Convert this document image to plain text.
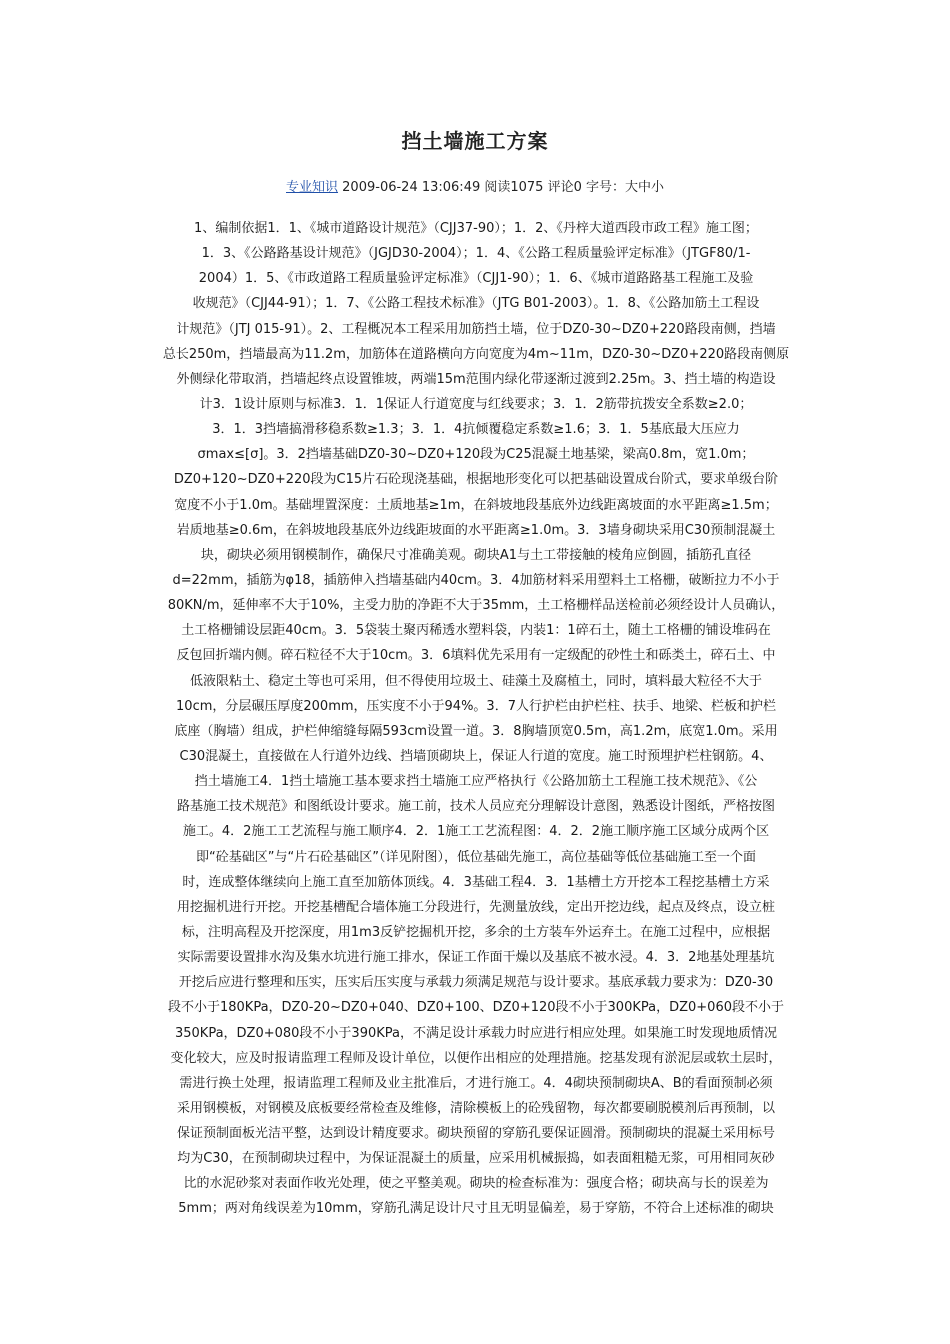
挡土墙施工方案
专业知识 2009-06-24 13:06:49 阅读1075 评论0 字号：大中小
1、编制依据1．1、《城市道路设计规范》（CJJ37-90）；1．2、《丹梓大道西段市政工程》施工图；
1．3、《公路路基设计规范》（JGJD30-2004）；1．4、《公路工程质量验评定标准》（JTGF80/1-
2004）1．5、《市政道路工程质量验评定标准》（CJJ1-90）；1．6、《城市道路路基工程施工及验
收规范》（CJJ44-91）；1．7、《公路工程技术标准》（JTG B01-2003）。1．8、《公路加筋土工程设
计规范》（JTJ 015-91）。2、工程概况本工程采用加筋挡土墙，位于DZ0-30~DZ0+220路段南侧，挡墙
总长250m，挡墙最高为11.2m，加筋体在道路横向方向宽度为4m~11m，DZ0-30~DZ0+220路段南侧原
外侧绿化带取消，挡墙起终点设置锥坡，两端15m范围内绿化带逐渐过渡到2.25m。3、挡土墙的构造设
计3．1设计原则与标准3．1．1保证人行道宽度与红线要求；3．1．2筋带抗拨安全系数≥2.0；
3．1．3挡墙搞滑移稳系数≥1.3；3．1．4抗倾覆稳定系数≥1.6；3．1．5基底最大压应力
σmax≤[σ]。3．2挡墙基础DZ0-30~DZ0+120段为C25混凝土地基梁，梁高0.8m，宽1.0m；
DZ0+120~DZ0+220段为C15片石砼现浇基础，根据地形变化可以把基础设置成台阶式，要求单级台阶
宽度不小于1.0m。基础埋置深度：土质地基≥1m，在斜坡地段基底外边线距离坡面的水平距离≥1.5m；
岩质地基≥0.6m，在斜坡地段基底外边线距坡面的水平距离≥1.0m。3．3墙身砌块采用C30预制混凝土
块，砌块必须用钢模制作，确保尺寸准确美观。砌块A1与土工带接触的棱角应倒圆，插筋孔直径
d=22mm，插筋为φ18，插筋伸入挡墙基础内40cm。3．4加筋材料采用塑料土工格栅，破断拉力不小于
80KN/m，延伸率不大于10%，主受力肋的净距不大于35mm，土工格栅样品送检前必须经设计人员确认，
土工格栅铺设层距40cm。3．5袋装土聚丙稀透水塑料袋，内装1：1碎石土，随土工格栅的铺设堆码在
反包回折端内侧。碎石粒径不大于10cm。3．6填料优先采用有一定级配的砂性土和砾类土，碎石土、中
低液限粘土、稳定土等也可采用，但不得使用垃圾土、硅藻土及腐植土，同时，填料最大粒径不大于
10cm，分层碾压厚度200mm，压实度不小于94%。3．7人行护栏由护栏柱、扶手、地梁、栏板和护栏
底座（胸墙）组成，护栏伸缩缝每隔593cm设置一道。3．8胸墙顶宽0.5m，高1.2m，底宽1.0m。采用
C30混凝土，直接做在人行道外边线、挡墙顶砌块上，保证人行道的宽度。施工时预埋护栏柱钢筋。4、
挡土墙施工4．1挡土墙施工基本要求挡土墙施工应严格执行《公路加筋土工程施工技术规范》、《公
路基施工技术规范》和图纸设计要求。施工前，技术人员应充分理解设计意图，熟悉设计图纸，严格按图
施工。4．2施工工艺流程与施工顺序4．2．1施工工艺流程图：4．2．2施工顺序施工区域分成两个区
即“砼基础区”与“片石砼基础区”（详见附图），低位基础先施工，高位基础等低位基础施工至一个面
时，连成整体继续向上施工直至加筋体顶线。4．3基础工程4．3．1基槽土方开挖本工程挖基槽土方采
用挖掘机进行开挖。开挖基槽配合墙体施工分段进行，先测量放线，定出开挖边线，起点及终点，设立桩
标，注明高程及开挖深度，用1m3反铲挖掘机开挖，多余的土方装车外运弃土。在施工过程中，应根据
实际需要设置排水沟及集水坑进行施工排水，保证工作面干燥以及基底不被水浸。4．3．2地基处理基坑
开挖后应进行整理和压实，压实后压实度与承载力须满足规范与设计要求。基底承载力要求为：DZ0-30
段不小于180KPa，DZ0-20~DZ0+040、DZ0+100、DZ0+120段不小于300KPa，DZ0+060段不小于
350KPa，DZ0+080段不小于390KPa，不满足设计承载力时应进行相应处理。如果施工时发现地质情况
变化较大，应及时报请监理工程师及设计单位，以便作出相应的处理措施。挖基发现有淤泥层或软土层时，
需进行换土处理，报请监理工程师及业主批准后，才进行施工。4．4砌块预制砌块A、B的看面预制必须
采用钢模板，对钢模及底板要经常检查及维修，清除模板上的砼残留物，每次都要刷脱模剂后再预制，以
保证预制面板光洁平整，达到设计精度要求。砌块预留的穿筋孔要保证圆滑。预制砌块的混凝土采用标号
均为C30，在预制砌块过程中，为保证混凝土的质量，应采用机械振捣，如表面粗糙无浆，可用相同灰砂
比的水泥砂浆对表面作收光处理，使之平整美观。砌块的检查标准为：强度合格；砌块高与长的误差为
5mm；两对角线误差为10mm，穿筋孔满足设计尺寸且无明显偏差，易于穿筋，不符合上述标准的砌块
